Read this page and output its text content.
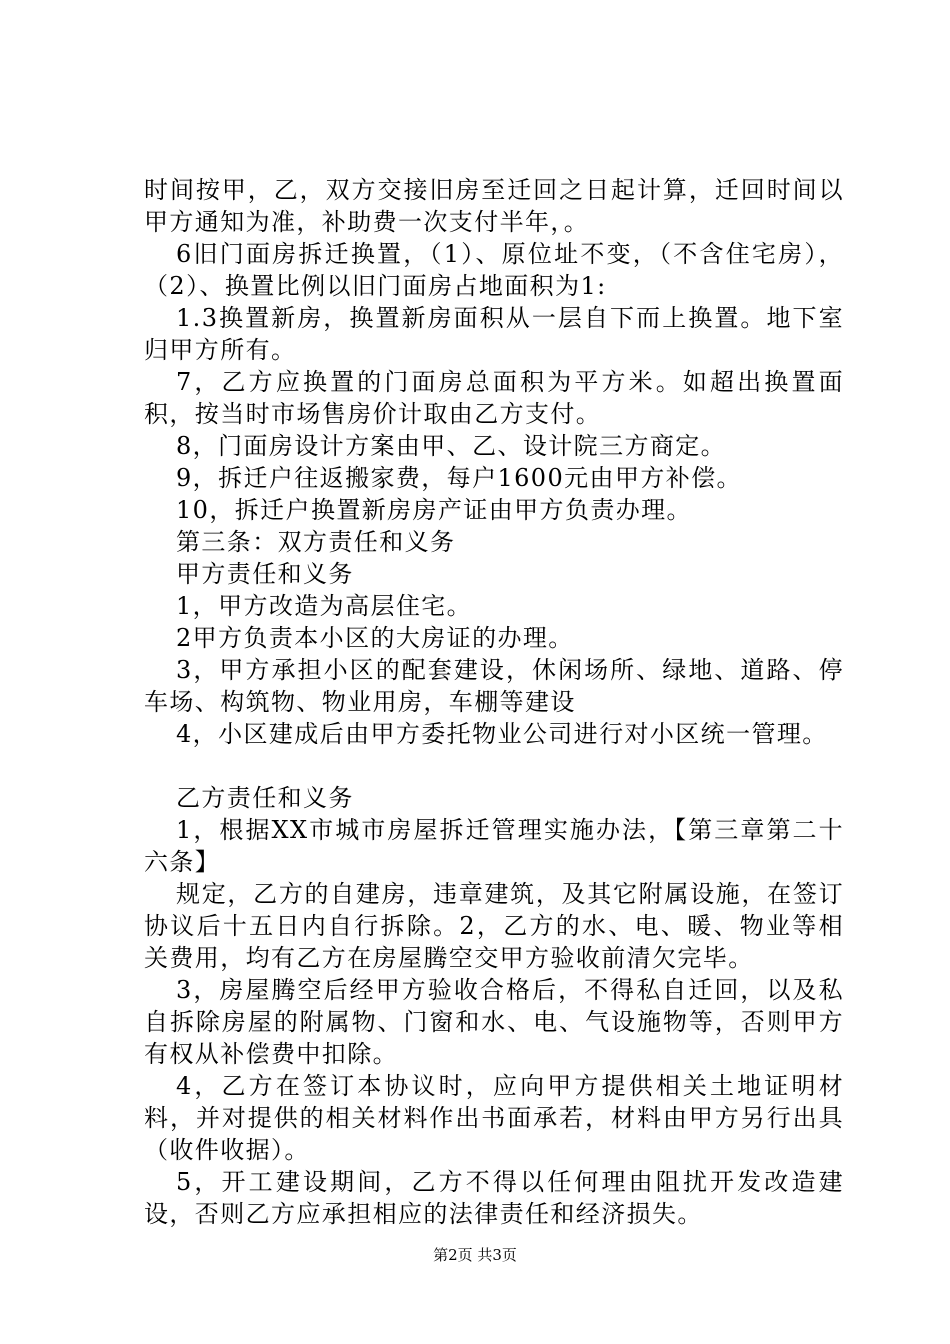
时间按甲，乙，双方交接旧房至迁回之日起计算，迁回时间以甲方通知为准，补助费一次支付半年，。

6旧门面房拆迁换置，（1）、原位址不变，（不含住宅房），（2）、换置比例以旧门面房占地面积为1:

1.3换置新房，换置新房面积从一层自下而上换置。地下室归甲方所有。

7，乙方应换置的门面房总面积为平方米。如超出换置面积，按当时市场售房价计取由乙方支付。

8，门面房设计方案由甲、乙、设计院三方商定。

9，拆迁户往返搬家费，每户1600元由甲方补偿。

10，拆迁户换置新房房产证由甲方负责办理。

第三条：双方责任和义务

甲方责任和义务

1，甲方改造为高层住宅。

2甲方负责本小区的大房证的办理。

3，甲方承担小区的配套建设，休闲场所、绿地、道路、停车场、构筑物、物业用房，车棚等建设

4，小区建成后由甲方委托物业公司进行对小区统一管理。

乙方责任和义务

1，根据XX市城市房屋拆迁管理实施办法，【第三章第二十六条】

规定，乙方的自建房，违章建筑，及其它附属设施，在签订协议后十五日内自行拆除。2，乙方的水、电、暖、物业等相关费用，均有乙方在房屋腾空交甲方验收前清欠完毕。

3，房屋腾空后经甲方验收合格后，不得私自迁回，以及私自拆除房屋的附属物、门窗和水、电、气设施物等，否则甲方有权从补偿费中扣除。

4，乙方在签订本协议时，应向甲方提供相关土地证明材料，并对提供的相关材料作出书面承若，材料由甲方另行出具（收件收据）。

5，开工建设期间，乙方不得以任何理由阻扰开发改造建设，否则乙方应承担相应的法律责任和经济损失。

第2页 共3页
